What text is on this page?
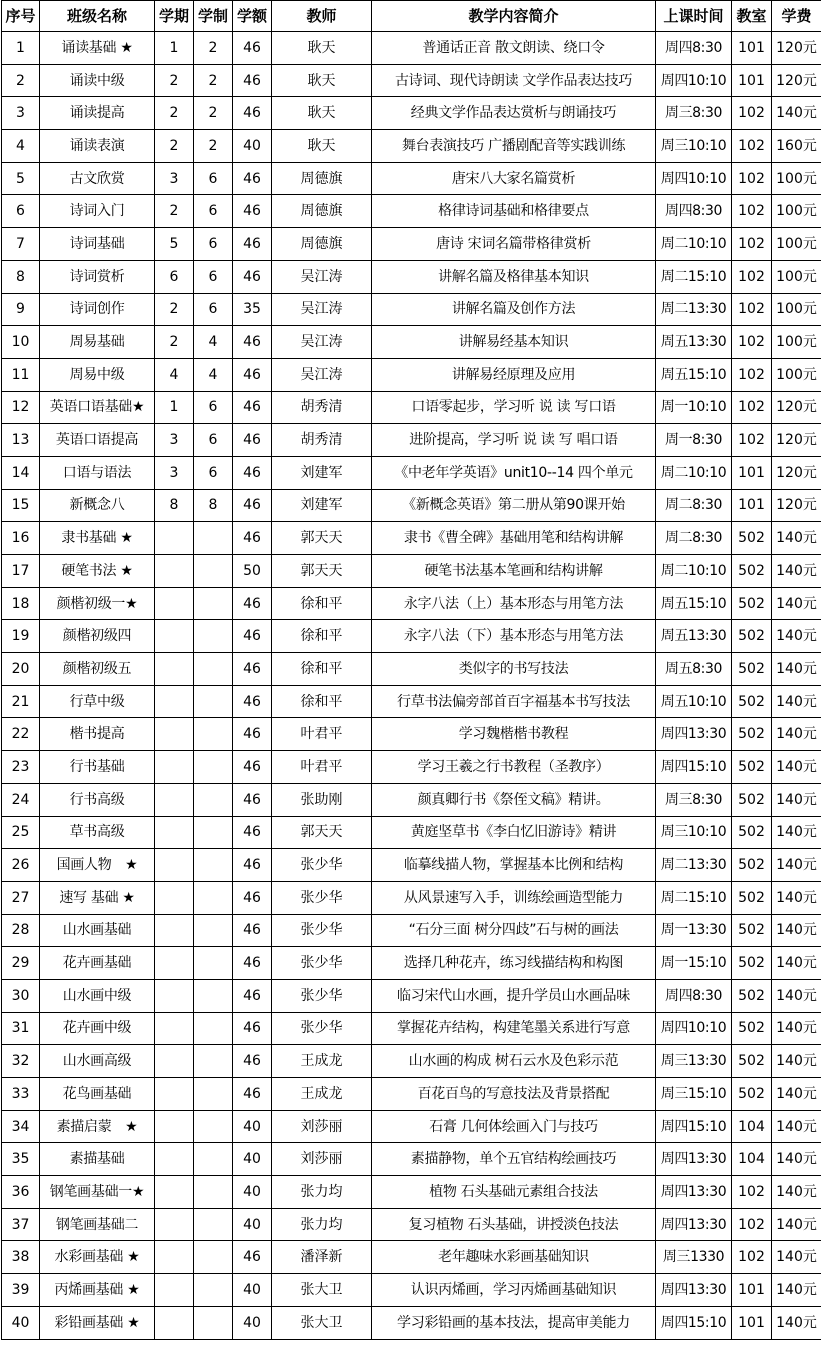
序号	班级名称	学期	学制	学额	教师	教学内容简介	上课时间	教室	学费
1	诵读基础 ★	1	2	46	耿天	普通话正音 散文朗读、绕口令	周四8:30	101	120元
2	诵读中级	2	2	46	耿天	古诗词、现代诗朗读 文学作品表达技巧	周四10:10	101	120元
3	诵读提高	2	2	46	耿天	经典文学作品表达赏析与朗诵技巧	周三8:30	102	140元
4	诵读表演	2	2	40	耿天	舞台表演技巧 广播剧配音等实践训练	周三10:10	102	160元
5	古文欣赏	3	6	46	周德旗	唐宋八大家名篇赏析	周四10:10	102	100元
6	诗词入门	2	6	46	周德旗	格律诗词基础和格律要点	周四8:30	102	100元
7	诗词基础	5	6	46	周德旗	唐诗 宋词名篇带格律赏析	周二10:10	102	100元
8	诗词赏析	6	6	46	吴江涛	讲解名篇及格律基本知识	周二15:10	102	100元
9	诗词创作	2	6	35	吴江涛	讲解名篇及创作方法	周二13:30	102	100元
10	周易基础	2	4	46	吴江涛	讲解易经基本知识	周五13:30	102	100元
11	周易中级	4	4	46	吴江涛	讲解易经原理及应用	周五15:10	102	100元
12	英语口语基础★	1	6	46	胡秀清	口语零起步，学习听 说 读 写口语	周一10:10	102	120元
13	英语口语提高	3	6	46	胡秀清	进阶提高，学习听 说 读 写 唱口语	周一8:30	102	120元
14	口语与语法	3	6	46	刘建军	《中老年学英语》unit10--14 四个单元	周二10:10	101	120元
15	新概念八	8	8	46	刘建军	《新概念英语》第二册从第90课开始	周二8:30	101	120元
16	隶书基础 ★			46	郭天天	隶书《曹全碑》基础用笔和结构讲解	周二8:30	502	140元
17	硬笔书法 ★			50	郭天天	硬笔书法基本笔画和结构讲解	周二10:10	502	140元
18	颜楷初级一★			46	徐和平	永字八法（上）基本形态与用笔方法	周五15:10	502	140元
19	颜楷初级四			46	徐和平	永字八法（下）基本形态与用笔方法	周五13:30	502	140元
20	颜楷初级五			46	徐和平	类似字的书写技法	周五8:30	502	140元
21	行草中级			46	徐和平	行草书法偏旁部首百字福基本书写技法	周五10:10	502	140元
22	楷书提高			46	叶君平	学习魏楷楷书教程	周四13:30	502	140元
23	行书基础			46	叶君平	学习王羲之行书教程（圣教序）	周四15:10	502	140元
24	行书高级			46	张助刚	颜真卿行书《祭侄文稿》精讲。	周三8:30	502	140元
25	草书高级			46	郭天天	黄庭坚草书《李白忆旧游诗》精讲	周三10:10	502	140元
26	国画人物　★			46	张少华	临摹线描人物，掌握基本比例和结构	周二13:30	502	140元
27	速写 基础 ★			46	张少华	从风景速写入手，训练绘画造型能力	周二15:10	502	140元
28	山水画基础			46	张少华	“石分三面 树分四歧”石与树的画法	周一13:30	502	140元
29	花卉画基础			46	张少华	选择几种花卉，练习线描结构和构图	周一15:10	502	140元
30	山水画中级			46	张少华	临习宋代山水画，提升学员山水画品味	周四8:30	502	140元
31	花卉画中级			46	张少华	掌握花卉结构，构建笔墨关系进行写意	周四10:10	502	140元
32	山水画高级			46	王成龙	山水画的构成 树石云水及色彩示范	周三13:30	502	140元
33	花鸟画基础			46	王成龙	百花百鸟的写意技法及背景搭配	周三15:10	502	140元
34	素描启蒙　★			40	刘莎丽	石膏 几何体绘画入门与技巧	周四15:10	104	140元
35	素描基础			40	刘莎丽	素描静物，单个五官结构绘画技巧	周四13:30	104	140元
36	钢笔画基础一★			40	张力均	植物 石头基础元素组合技法	周四13:30	102	140元
37	钢笔画基础二			40	张力均	复习植物 石头基础，讲授淡色技法	周四13:30	102	140元
38	水彩画基础 ★			46	潘泽新	老年趣味水彩画基础知识	周三1330	102	140元
39	丙烯画基础 ★			40	张大卫	认识丙烯画，学习丙烯画基础知识	周四13:30	101	140元
40	彩铅画基础 ★			40	张大卫	学习彩铅画的基本技法，提高审美能力	周四15:10	101	140元
